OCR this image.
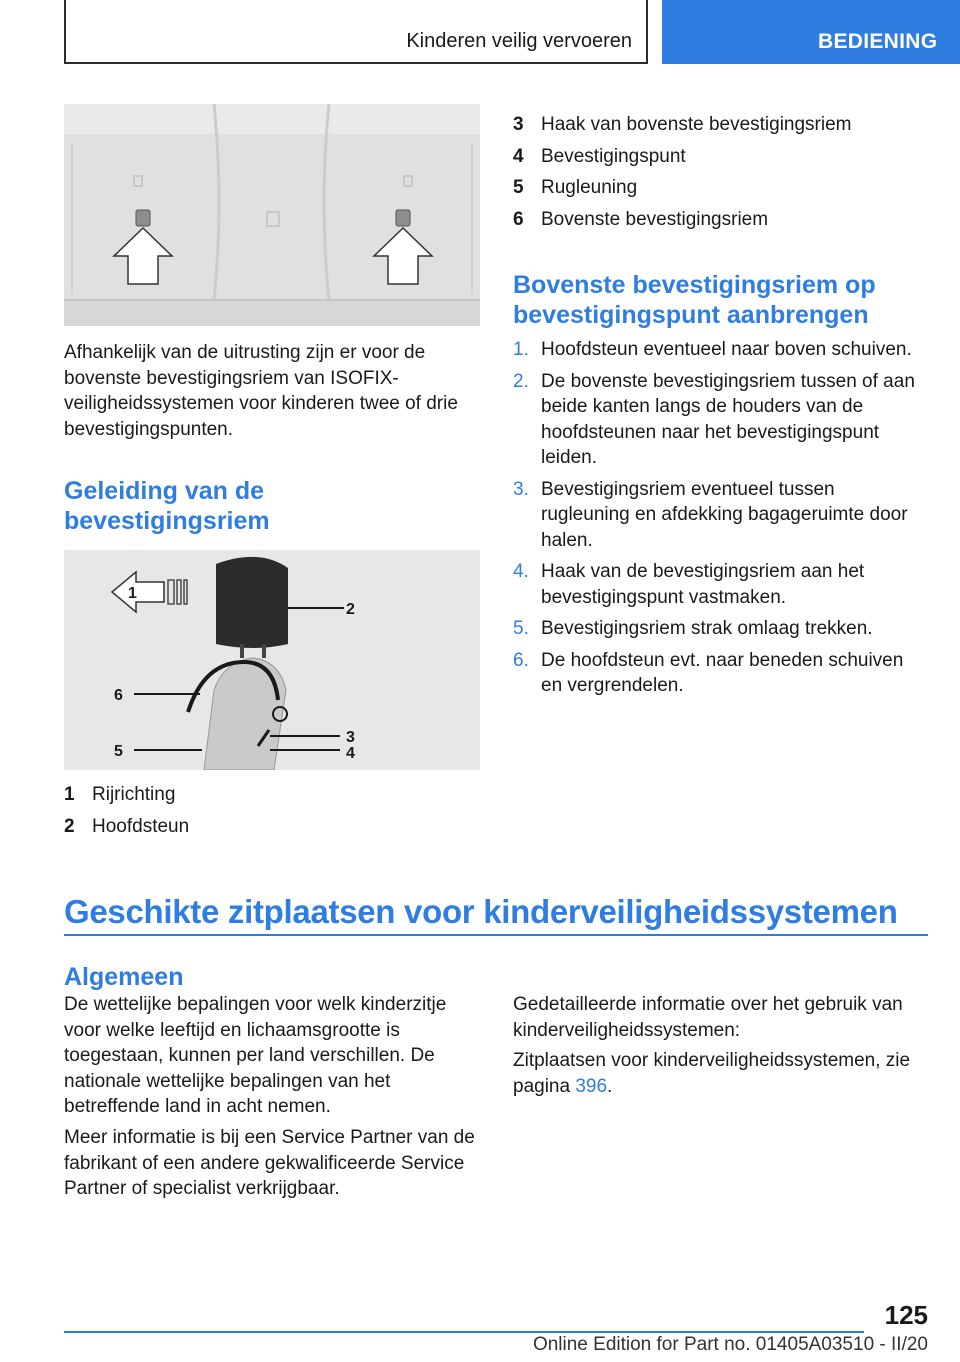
Kinderen veilig vervoeren	BEDIENING

Afhankelijk van de uitrusting zijn er voor de bovenste bevestigingsriem van ISOFIX-veiligheidssystemen voor kinderen twee of drie bevestigingspunten.

Geleiding van de bevestigingsriem
1
2
3
4
5
6
1 Rijrichting
2 Hoofdsteun
3 Haak van bovenste bevestigingsriem
4 Bevestigingspunt
5 Rugleuning
6 Bovenste bevestigingsriem
Bovenste bevestigingsriem op bevestigingspunt aanbrengen
1. Hoofdsteun eventueel naar boven schuiven.
2. De bovenste bevestigingsriem tussen of aan beide kanten langs de houders van de hoofdsteunen naar het bevestigingspunt leiden.
3. Bevestigingsriem eventueel tussen rugleuning en afdekking bagageruimte door halen.
4. Haak van de bevestigingsriem aan het bevestigingspunt vastmaken.
5. Bevestigingsriem strak omlaag trekken.
6. De hoofdsteun evt. naar beneden schuiven en vergrendelen.
Geschikte zitplaatsen voor kinderveiligheidssystemen
Algemeen

De wettelijke bepalingen voor welk kinderzitje voor welke leeftijd en lichaamsgrootte is toegestaan, kunnen per land verschillen. De nationale wettelijke bepalingen van het betreffende land in acht nemen.

Meer informatie is bij een Service Partner van de fabrikant of een andere gekwalificeerde Service Partner of specialist verkrijgbaar.

Gedetailleerde informatie over het gebruik van kinderveiligheidssystemen:

Zitplaatsen voor kinderveiligheidssystemen, zie pagina 396.

125
Online Edition for Part no. 01405A03510 - II/20
